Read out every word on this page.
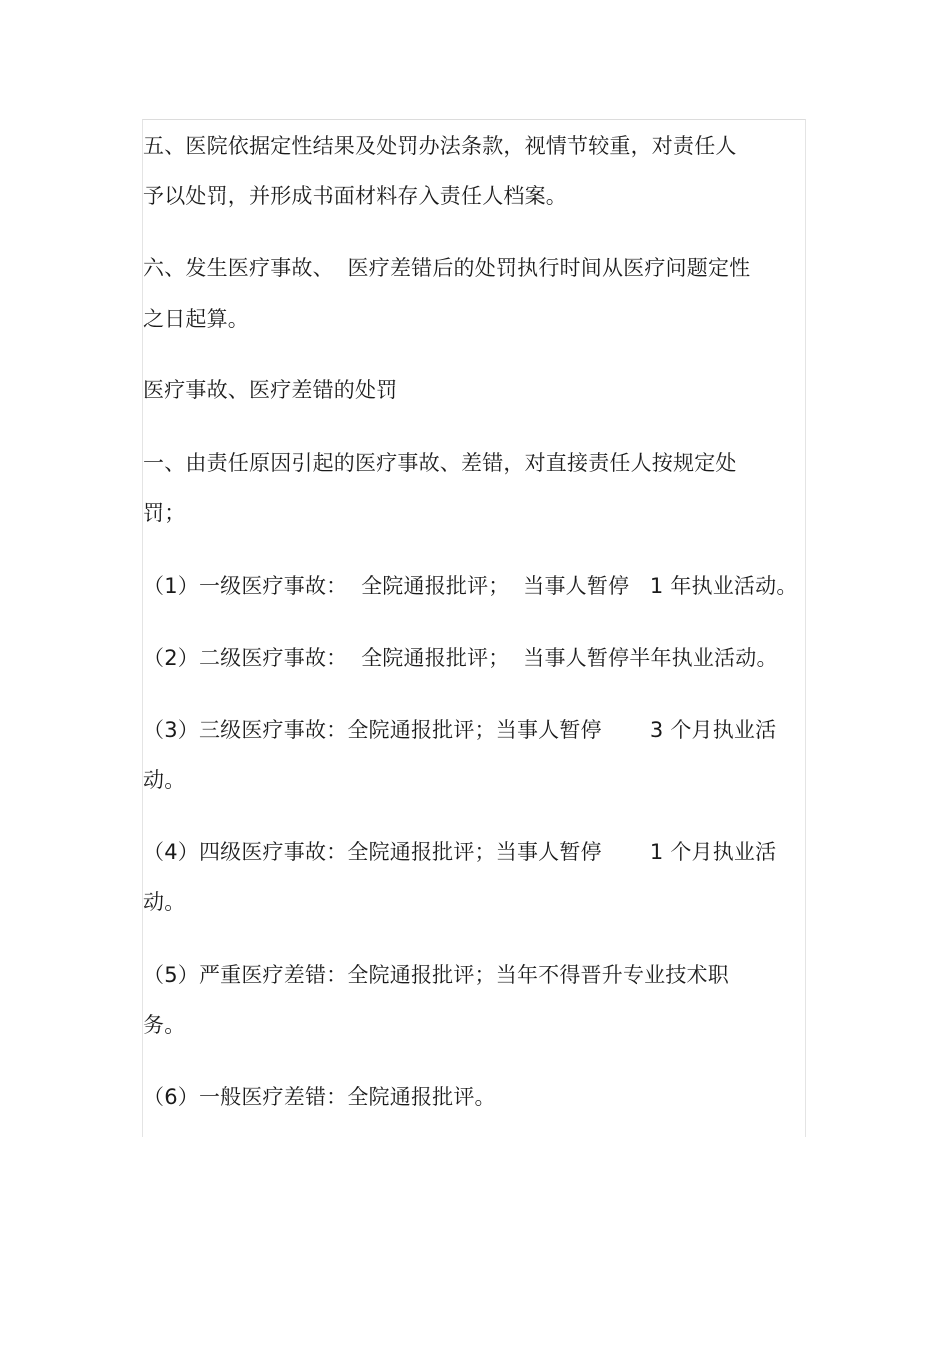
五、医院依据定性结果及处罚办法条款，视情节较重，对责任人
予以处罚，并形成书面材料存入责任人档案。
六、发生医疗事故、  医疗差错后的处罚执行时间从医疗问题定性
之日起算。
医疗事故、医疗差错的处罚
一、由责任原因引起的医疗事故、差错，对直接责任人按规定处
罚；
（1）一级医疗事故：  全院通报批评；  当事人暂停   1 年执业活动。
（2）二级医疗事故：  全院通报批评；  当事人暂停半年执业活动。
（3）三级医疗事故：全院通报批评；当事人暂停       3 个月执业活
动。
（4）四级医疗事故：全院通报批评；当事人暂停       1 个月执业活
动。
（5）严重医疗差错：全院通报批评；当年不得晋升专业技术职
务。
（6）一般医疗差错：全院通报批评。
